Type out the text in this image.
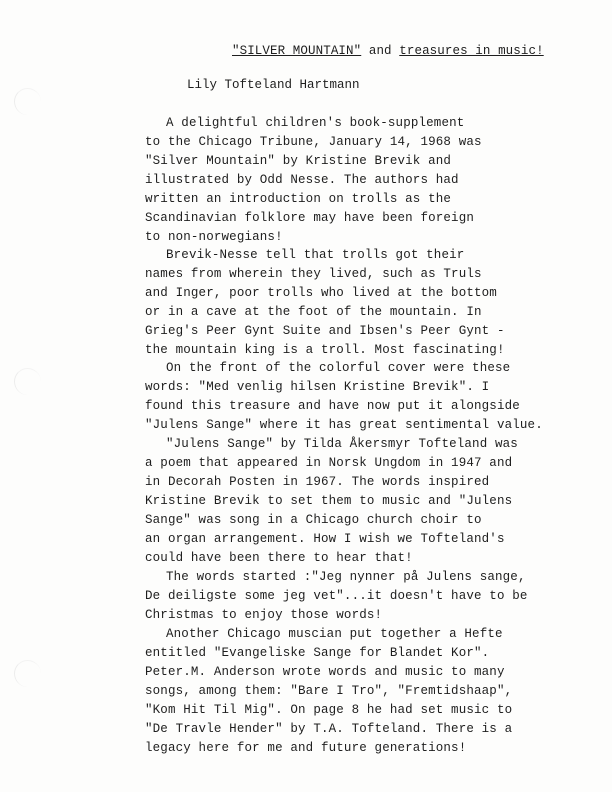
"SILVER MOUNTAIN" and treasures in music!
Lily Tofteland Hartmann
A delightful children's book-supplement
to the Chicago Tribune, January 14, 1968 was
"Silver Mountain" by Kristine Brevik and
illustrated by Odd Nesse. The authors had
written an introduction on trolls as the
Scandinavian folklore may have been foreign
to non-norwegians!
Brevik-Nesse tell that trolls got their
names from wherein they lived, such as Truls
and Inger, poor trolls who lived at the bottom
or in a cave at the foot of the mountain. In
Grieg's Peer Gynt Suite and Ibsen's Peer Gynt -
the mountain king is a troll. Most fascinating!
On the front of the colorful cover were these
words: "Med venlig hilsen Kristine Brevik". I
found this treasure and have now put it alongside
"Julens Sange" where it has great sentimental value.
"Julens Sange" by Tilda Åkersmyr Tofteland was
a poem that appeared in Norsk Ungdom in 1947 and
in Decorah Posten in 1967. The words inspired
Kristine Brevik to set them to music and "Julens
Sange" was song in a Chicago church choir to
an organ arrangement. How I wish we Tofteland's
could have been there to hear that!
The words started :"Jeg nynner på Julens sange,
De deiligste some jeg vet"...it doesn't have to be
Christmas to enjoy those words!
Another Chicago muscian put together a Hefte
entitled "Evangeliske Sange for Blandet Kor".
Peter.M. Anderson wrote words and music to many
songs, among them: "Bare I Tro", "Fremtidshaap",
"Kom Hit Til Mig". On page 8 he had set music to
"De Travle Hender" by T.A. Tofteland. There is a
legacy here for me and future generations!
